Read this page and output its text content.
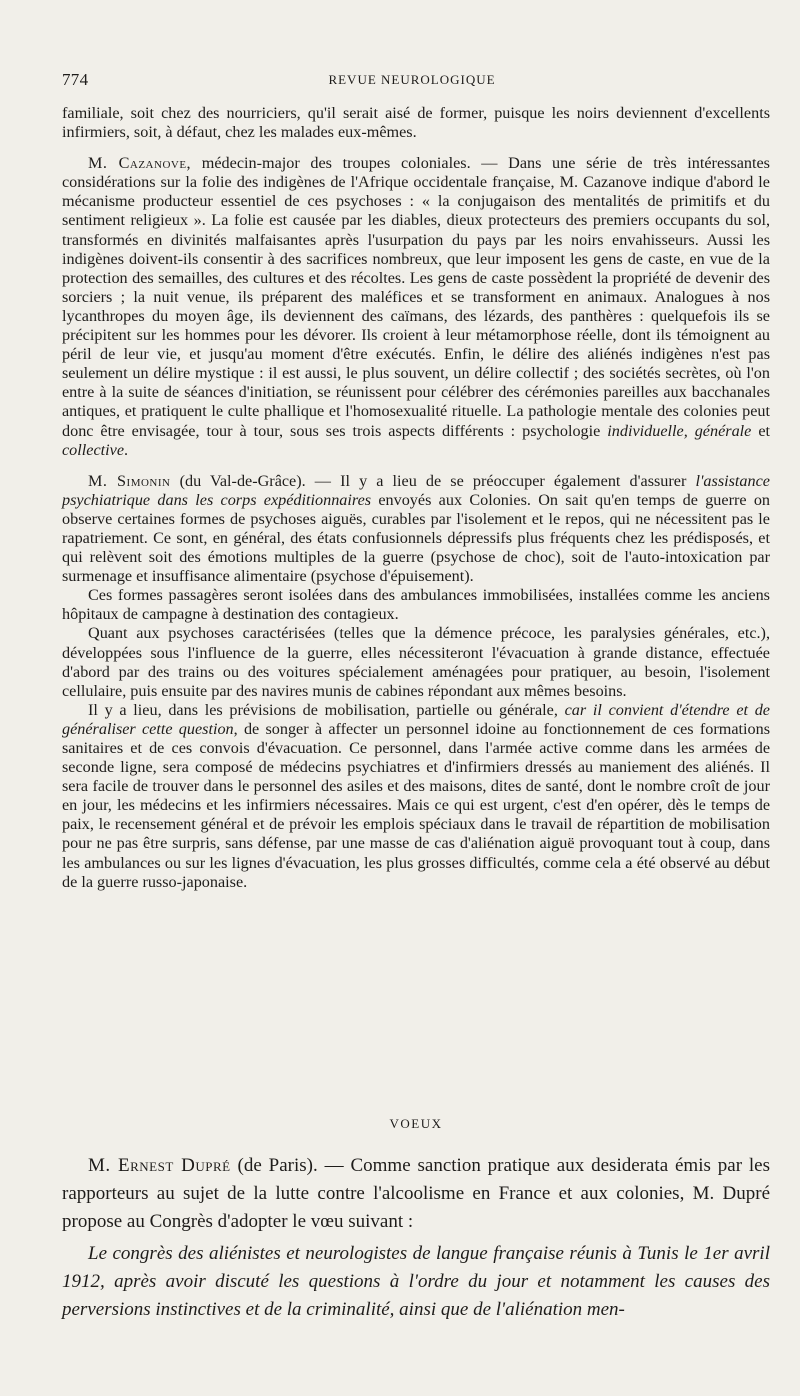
774	REVUE NEUROLOGIQUE

familiale, soit chez des nourriciers, qu'il serait aisé de former, puisque les noirs deviennent d'excellents infirmiers, soit, à défaut, chez les malades eux-mêmes.

M. Cazanove, médecin-major des troupes coloniales. — Dans une série de très intéressantes considérations sur la folie des indigènes de l'Afrique occidentale française, M. Cazanove indique d'abord le mécanisme producteur essentiel de ces psychoses : « la conjugaison des mentalités de primitifs et du sentiment religieux ». La folie est causée par les diables, dieux protecteurs des premiers occupants du sol, transformés en divinités malfaisantes après l'usurpation du pays par les noirs envahisseurs. Aussi les indigènes doivent-ils consentir à des sacrifices nombreux, que leur imposent les gens de caste, en vue de la protection des semailles, des cultures et des récoltes. Les gens de caste possèdent la propriété de devenir des sorciers ; la nuit venue, ils préparent des maléfices et se transforment en animaux. Analogues à nos lycanthropes du moyen âge, ils deviennent des caïmans, des lézards, des panthères : quelquefois ils se précipitent sur les hommes pour les dévorer. Ils croient à leur métamorphose réelle, dont ils témoignent au péril de leur vie, et jusqu'au moment d'être exécutés. Enfin, le délire des aliénés indigènes n'est pas seulement un délire mystique : il est aussi, le plus souvent, un délire collectif ; des sociétés secrètes, où l'on entre à la suite de séances d'initiation, se réunissent pour célébrer des cérémonies pareilles aux bacchanales antiques, et pratiquent le culte phallique et l'homosexualité rituelle. La pathologie mentale des colonies peut donc être envisagée, tour à tour, sous ses trois aspects différents : psychologie individuelle, générale et collective.

M. Simonin (du Val-de-Grâce). — Il y a lieu de se préoccuper également d'assurer l'assistance psychiatrique dans les corps expéditionnaires envoyés aux Colonies. On sait qu'en temps de guerre on observe certaines formes de psychoses aiguës, curables par l'isolement et le repos, qui ne nécessitent pas le rapatriement. Ce sont, en général, des états confusionnels dépressifs plus fréquents chez les prédisposés, et qui relèvent soit des émotions multiples de la guerre (psychose de choc), soit de l'auto-intoxication par surmenage et insuffisance alimentaire (psychose d'épuisement).

Ces formes passagères seront isolées dans des ambulances immobilisées, installées comme les anciens hôpitaux de campagne à destination des contagieux.

Quant aux psychoses caractérisées (telles que la démence précoce, les paralysies générales, etc.), développées sous l'influence de la guerre, elles nécessiteront l'évacuation à grande distance, effectuée d'abord par des trains ou des voitures spécialement aménagées pour pratiquer, au besoin, l'isolement cellulaire, puis ensuite par des navires munis de cabines répondant aux mêmes besoins.

Il y a lieu, dans les prévisions de mobilisation, partielle ou générale, car il convient d'étendre et de généraliser cette question, de songer à affecter un personnel idoine au fonctionnement de ces formations sanitaires et de ces convois d'évacuation. Ce personnel, dans l'armée active comme dans les armées de seconde ligne, sera composé de médecins psychiatres et d'infirmiers dressés au maniement des aliénés. Il sera facile de trouver dans le personnel des asiles et des maisons, dites de santé, dont le nombre croît de jour en jour, les médecins et les infirmiers nécessaires. Mais ce qui est urgent, c'est d'en opérer, dès le temps de paix, le recensement général et de prévoir les emplois spéciaux dans le travail de répartition de mobilisation pour ne pas être surpris, sans défense, par une masse de cas d'aliénation aiguë provoquant tout à coup, dans les ambulances ou sur les lignes d'évacuation, les plus grosses difficultés, comme cela a été observé au début de la guerre russo-japonaise.

VOEUX

M. Ernest Dupré (de Paris). — Comme sanction pratique aux desiderata émis par les rapporteurs au sujet de la lutte contre l'alcoolisme en France et aux colonies, M. Dupré propose au Congrès d'adopter le vœu suivant :

Le congrès des aliénistes et neurologistes de langue française réunis à Tunis le 1er avril 1912, après avoir discuté les questions à l'ordre du jour et notamment les causes des perversions instinctives et de la criminalité, ainsi que de l'aliénation men-
